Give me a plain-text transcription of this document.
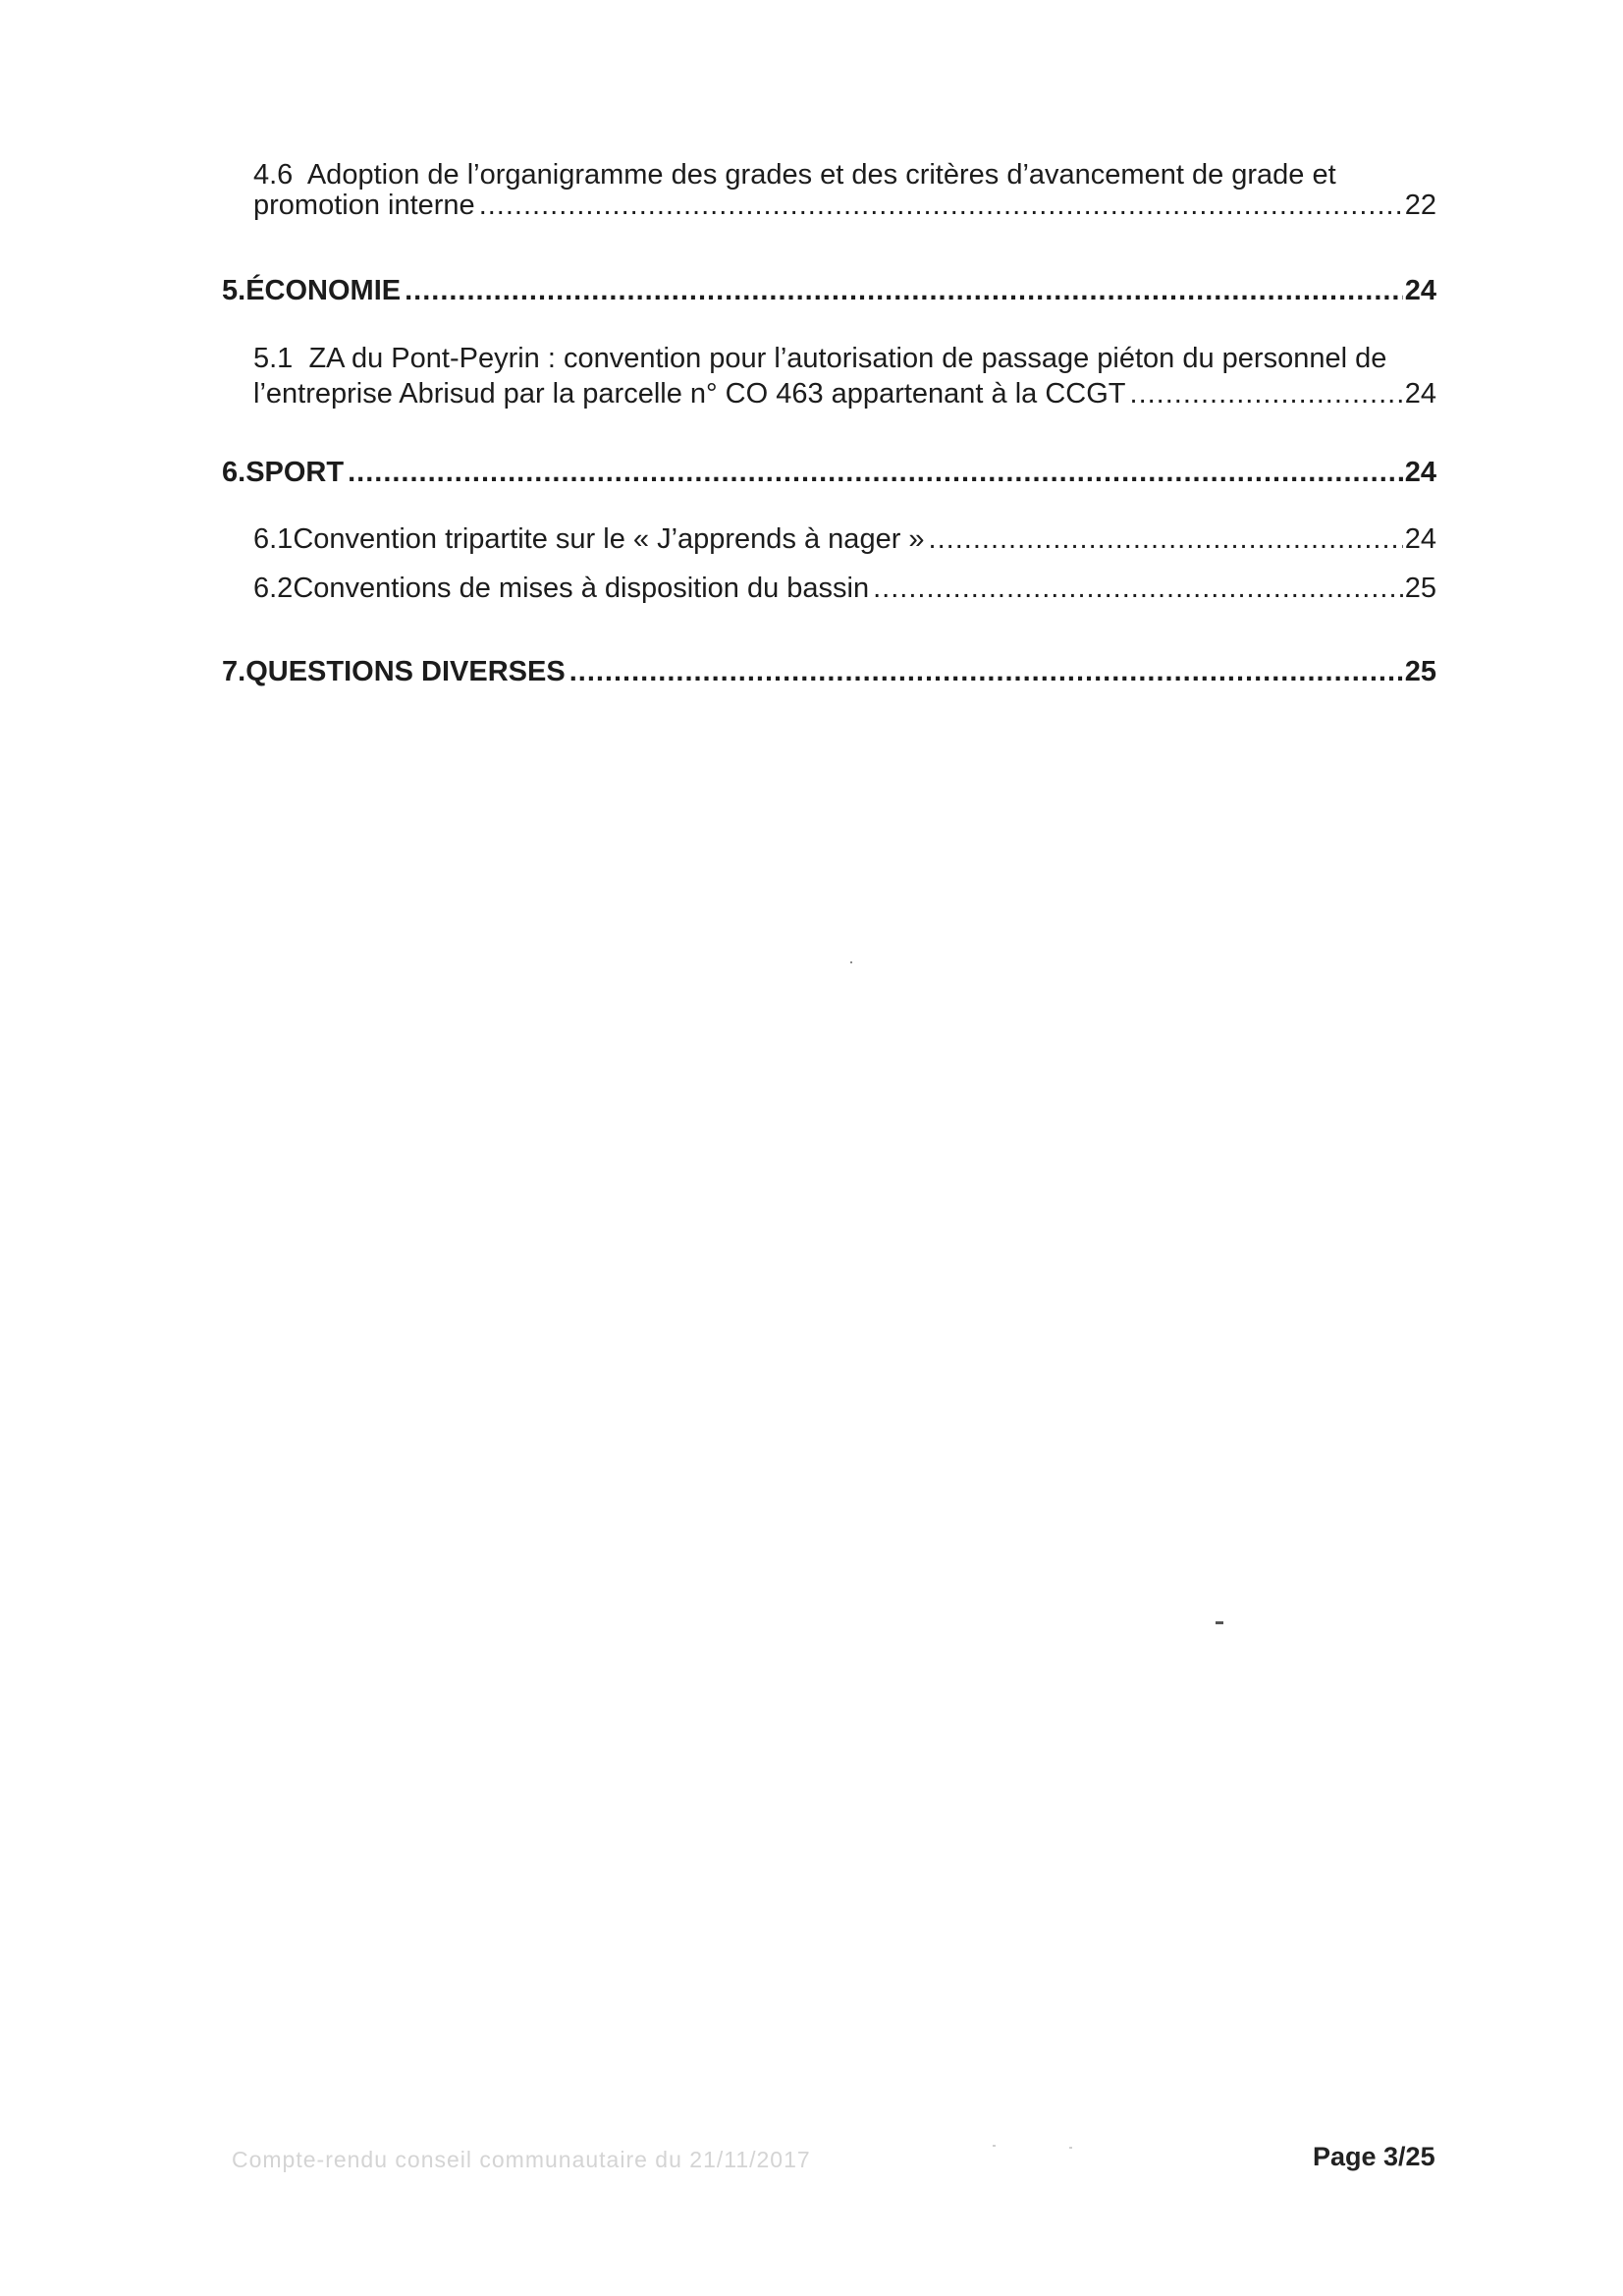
4.6 Adoption de l’organigramme des grades et des critères d’avancement de grade et
promotion interne .....	22
5. ÉCONOMIE .....	24
5.1 ZA du Pont-Peyrin : convention pour l’autorisation de passage piéton du personnel de
l’entreprise Abrisud par la parcelle n° CO 463 appartenant à la CCGT .....	24
6. SPORT .....	24
6.1 Convention tripartite sur le « J’apprends à nager » .....	24
6.2 Conventions de mises à disposition du bassin .....	25
7. QUESTIONS DIVERSES .....	25
Compte-rendu conseil communautaire du 21/11/2017	Page 3/25
